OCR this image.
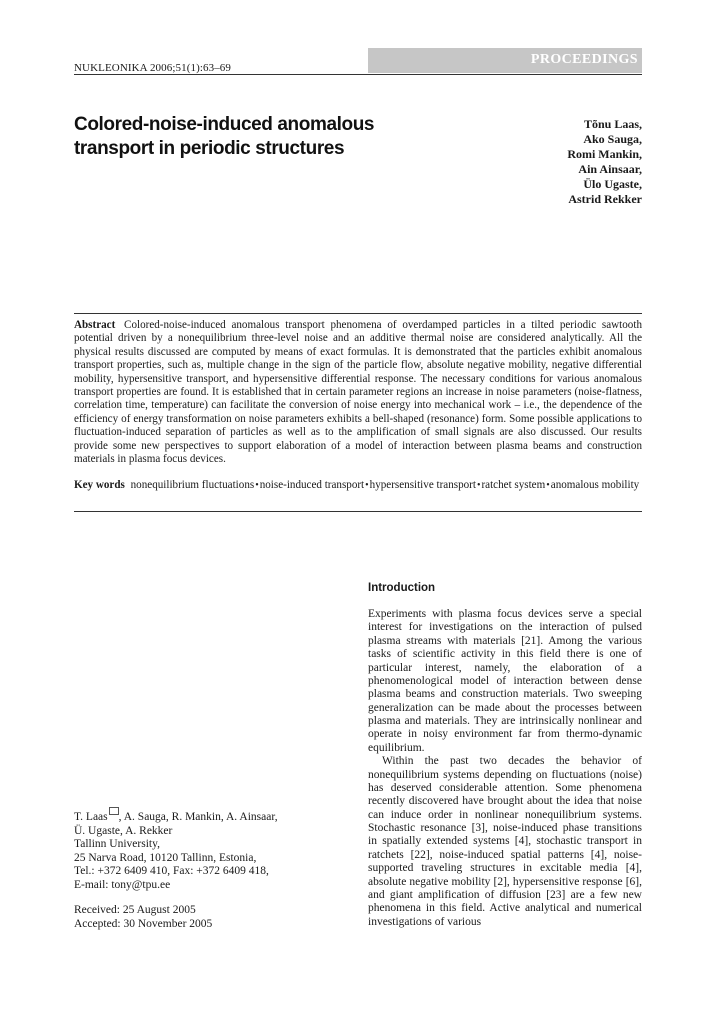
NUKLEONIKA 2006;51(1):63–69
PROCEEDINGS
Colored-noise-induced anomalous transport in periodic structures
Tõnu Laas,
Ako Sauga,
Romi Mankin,
Ain Ainsaar,
Ülo Ugaste,
Astrid Rekker
Abstract Colored-noise-induced anomalous transport phenomena of overdamped particles in a tilted periodic sawtooth potential driven by a nonequilibrium three-level noise and an additive thermal noise are considered analytically. All the physical results discussed are computed by means of exact formulas. It is demonstrated that the particles exhibit anomalous transport properties, such as, multiple change in the sign of the particle flow, absolute negative mobility, negative differential mobility, hypersensitive transport, and hypersensitive differential response. The necessary conditions for various anomalous transport properties are found. It is established that in certain parameter regions an increase in noise parameters (noise-flatness, correlation time, temperature) can facilitate the conversion of noise energy into mechanical work – i.e., the dependence of the efficiency of energy transformation on noise parameters exhibits a bell-shaped (resonance) form. Some possible applications to fluctuation-induced separation of particles as well as to the amplification of small signals are also discussed. Our results provide some new perspectives to support elaboration of a model of interaction between plasma beams and construction materials in plasma focus devices.
Key words nonequilibrium fluctuations•noise-induced transport•hypersensitive transport•ratchet system•anomalous mobility
Introduction

Experiments with plasma focus devices serve a special interest for investigations on the interaction of pulsed plasma streams with materials [21]. Among the various tasks of scientific activity in this field there is one of particular interest, namely, the elaboration of a phenomenological model of interaction between dense plasma beams and construction materials. Two sweeping generalization can be made about the processes between plasma and materials. They are intrinsically nonlinear and operate in noisy environment far from thermo-dynamic equilibrium.

Within the past two decades the behavior of nonequilibrium systems depending on fluctuations (noise) has deserved considerable attention. Some phenomena recently discovered have brought about the idea that noise can induce order in nonlinear nonequilibrium systems. Stochastic resonance [3], noise-induced phase transitions in spatially extended systems [4], stochastic transport in ratchets [22], noise-induced spatial patterns [4], noise-supported traveling structures in excitable media [4], absolute negative mobility [2], hypersensitive response [6], and giant amplification of diffusion [23] are a few new phenomena in this field. Active analytical and numerical investigations of various

T. Laas , A. Sauga, R. Mankin, A. Ainsaar,
Ü. Ugaste, A. Rekker
Tallinn University,
25 Narva Road, 10120 Tallinn, Estonia,
Tel.: +372 6409 410, Fax: +372 6409 418,
E-mail: tony@tpu.ee
Received: 25 August 2005
Accepted: 30 November 2005
